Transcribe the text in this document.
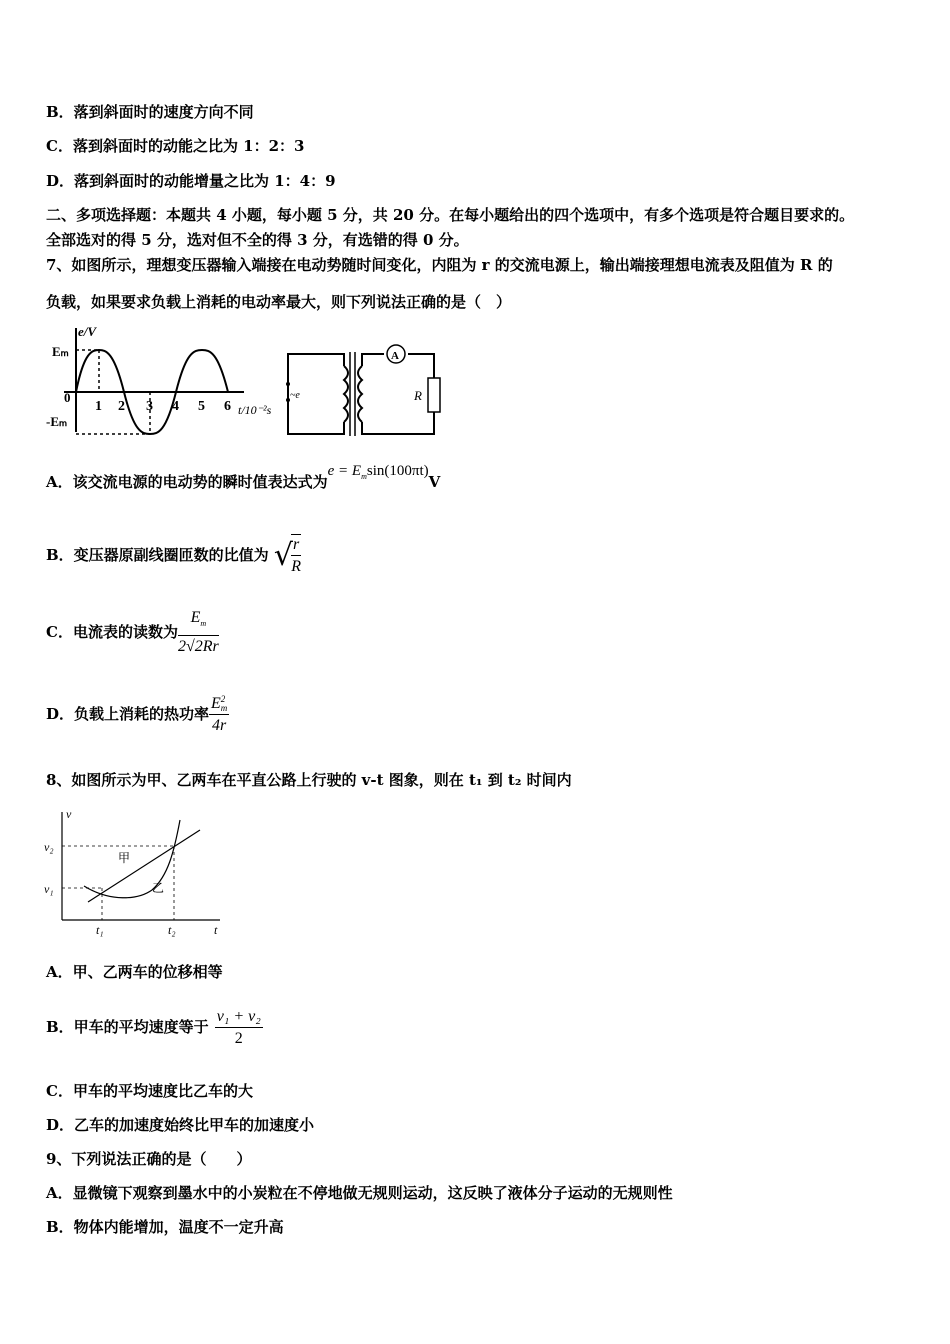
B．落到斜面时的速度方向不同
C．落到斜面时的动能之比为 1：2：3
D．落到斜面时的动能增量之比为 1：4：9
二、多项选择题：本题共 4 小题，每小题 5 分，共 20 分。在每小题给出的四个选项中，有多个选项是符合题目要求的。
全部选对的得 5 分，选对但不全的得 3 分，有选错的得 0 分。
7、如图所示，理想变压器输入端接在电动势随时间变化，内阻为 r 的交流电源上，输出端接理想电流表及阻值为 R 的
负载，如果要求负载上消耗的电动率最大，则下列说法正确的是（　）
e/V
Eₘ
-Eₘ
0
1 2 3 4 5 6 t/10⁻²s
~e
A
R
A．该交流电源的电动势的瞬时值表达式为$e = E_m\sin(100\pi t)V$
B．变压器原副线圈匝数的比值为 √
$\frac{r}{R}$
C．电流表的读数为 $\frac{E_m}{2√2Rr}$
D．负载上消耗的热功率 E 2
m
4r
8、如图所示为甲、乙两车在平直公路上行驶的 v-t 图象，则在 t₁ 到 t₂ 时间内
v
t
v₁
v₂
t₁	t₂
甲
乙
A．甲、乙两车的位移相等
B．甲车的平均速度等于 $\frac{\text{v₁ + v₂}}{2}$
C．甲车的平均速度比乙车的大
D．乙车的加速度始终比甲车的加速度小
9、下列说法正确的是（　　）
A．显微镜下观察到墨水中的小炭粒在不停地做无规则运动，这反映了液体分子运动的无规则性
B．物体内能增加，温度不一定升高
